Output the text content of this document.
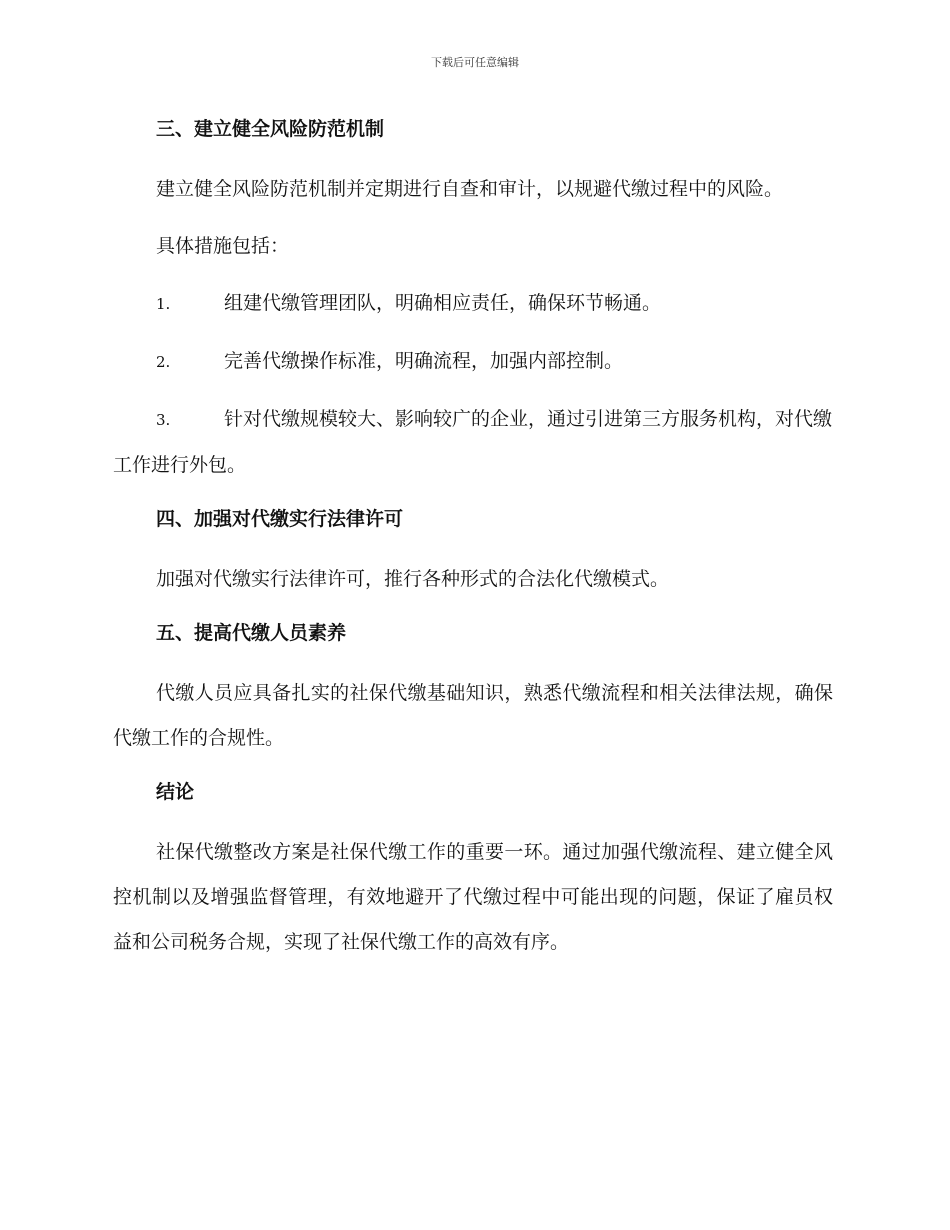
下载后可任意编辑
三、建立健全风险防范机制
建立健全风险防范机制并定期进行自查和审计，以规避代缴过程中的风险。
具体措施包括：
1.	组建代缴管理团队，明确相应责任，确保环节畅通。
2.	完善代缴操作标准，明确流程，加强内部控制。
3.	针对代缴规模较大、影响较广的企业，通过引进第三方服务机构，对代缴工作进行外包。
四、加强对代缴实行法律许可
加强对代缴实行法律许可，推行各种形式的合法化代缴模式。
五、提高代缴人员素养
代缴人员应具备扎实的社保代缴基础知识，熟悉代缴流程和相关法律法规，确保代缴工作的合规性。
结论
社保代缴整改方案是社保代缴工作的重要一环。通过加强代缴流程、建立健全风控机制以及增强监督管理，有效地避开了代缴过程中可能出现的问题，保证了雇员权益和公司税务合规，实现了社保代缴工作的高效有序。
